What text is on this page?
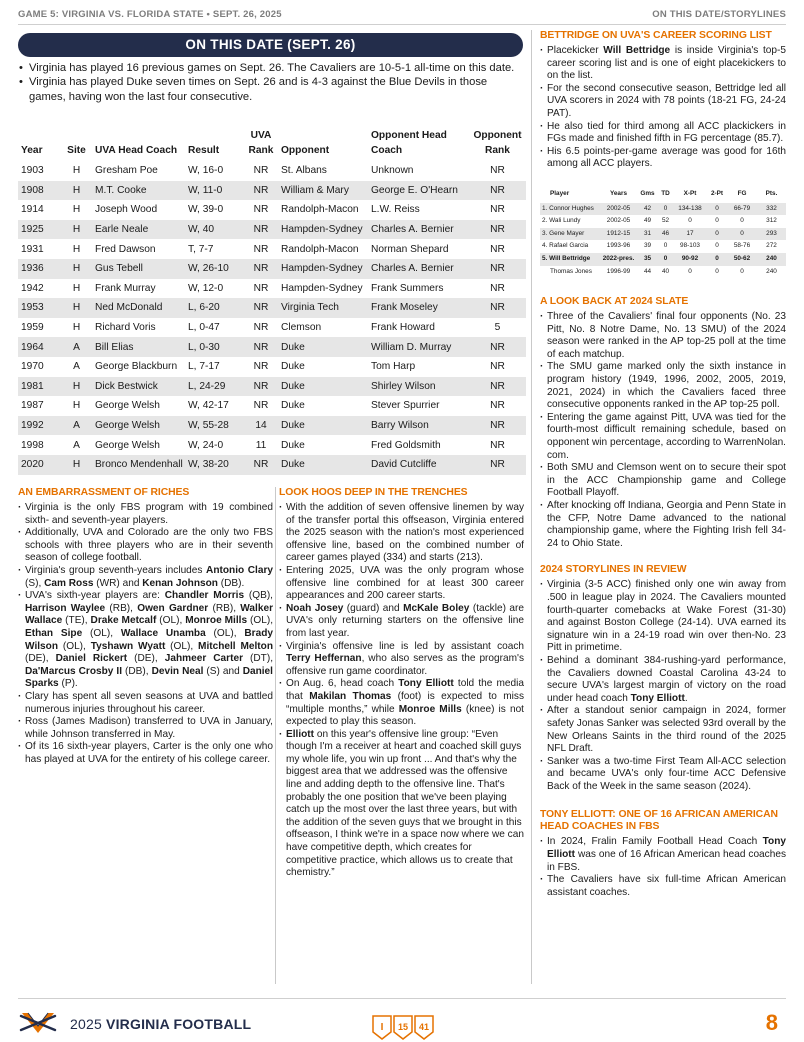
GAME 5: VIRGINIA VS. FLORIDA STATE • SEPT. 26, 2025	ON THIS DATE/STORYLINES
ON THIS DATE (SEPT. 26)
• Virginia has played 16 previous games on Sept. 26. The Cavaliers are 10-5-1 all-time on this date.
• Virginia has played Duke seven times on Sept. 26 and is 4-3 against the Blue Devils in those games, having won the last four consecutive.
Year	Site	UVA Head Coach	Result	UVA Rank	Opponent	Opponent Head Coach	Opponent Rank
1903	H	Gresham Poe	W, 16-0	NR	St. Albans	Unknown	NR
1908	H	M.T. Cooke	W, 11-0	NR	William & Mary	George E. O'Hearn	NR
1914	H	Joseph Wood	W, 39-0	NR	Randolph-Macon	L.W. Reiss	NR
1925	H	Earle Neale	W, 40	NR	Hampden-Sydney	Charles A. Bernier	NR
1931	H	Fred Dawson	T, 7-7	NR	Randolph-Macon	Norman Shepard	NR
1936	H	Gus Tebell	W, 26-10	NR	Hampden-Sydney	Charles A. Bernier	NR
1942	H	Frank Murray	W, 12-0	NR	Hampden-Sydney	Frank Summers	NR
1953	H	Ned McDonald	L, 6-20	NR	Virginia Tech	Frank Moseley	NR
1959	H	Richard Voris	L, 0-47	NR	Clemson	Frank Howard	5
1964	A	Bill Elias	L, 0-30	NR	Duke	William D. Murray	NR
1970	A	George Blackburn	L, 7-17	NR	Duke	Tom Harp	NR
1981	H	Dick Bestwick	L, 24-29	NR	Duke	Shirley Wilson	NR
1987	H	George Welsh	W, 42-17	NR	Duke	Stever Spurrier	NR
1992	A	George Welsh	W, 55-28	14	Duke	Barry Wilson	NR
1998	A	George Welsh	W, 24-0	11	Duke	Fred Goldsmith	NR
2020	H	Bronco Mendenhall	W, 38-20	NR	Duke	David Cutcliffe	NR
AN EMBARRASSMENT OF RICHES
· Virginia is the only FBS program with 19 combined sixth- and seventh-year players.
· Additionally, UVA and Colorado are the only two FBS schools with three players who are in their seventh season of college football.
· Virginia's group seventh-years includes Antonio Clary (S), Cam Ross (WR) and Kenan Johnson (DB).
· UVA's sixth-year players are: Chandler Morris (QB), Harrison Waylee (RB), Owen Gardner (RB), Walker Wallace (TE), Drake Metcalf (OL), Monroe Mills (OL), Ethan Sipe (OL), Wallace Unamba (OL), Brady Wilson (OL), Tyshawn Wyatt (OL), Mitchell Melton (DE), Daniel Rickert (DE), Jahmeer Carter (DT), Da'Marcus Crosby II (DB), Devin Neal (S) and Daniel Sparks (P).
· Clary has spent all seven seasons at UVA and battled numerous injuries throughout his career.
· Ross (James Madison) transferred to UVA in January, while Johnson transferred in May.
· Of its 16 sixth-year players, Carter is the only one who has played at UVA for the entirety of his college career.
LOOK HOOS DEEP IN THE TRENCHES
· With the addition of seven offensive linemen by way of the transfer portal this offseason, Virginia entered the 2025 season with the nation's most experienced offensive line, based on the combined number of career games played (334) and starts (213).
· Entering 2025, UVA was the only program whose offensive line combined for at least 300 career appearances and 200 career starts.
· Noah Josey (guard) and McKale Boley (tackle) are UVA's only returning starters on the offensive line from last year.
· Virginia's offensive line is led by assistant coach Terry Heffernan, who also serves as the program's offensive run game coordinator.
· On Aug. 6, head coach Tony Elliott told the media that Makilan Thomas (foot) is expected to miss “multiple months,” while Monroe Mills (knee) is not expected to play this season.
· Elliott on this year's offensive line group: “Even though I'm a receiver at heart and coached skill guys my whole life, you win up front ... And that's why the biggest area that we addressed was the offensive line and adding depth to the offensive line. That's probably the one position that we've been playing catch up the most over the last three years, but with the addition of the seven guys that we brought in this offseason, I think we're in a space now where we can have competitive depth, which creates for competitive practice, which allows us to create that chemistry.”
BETTRIDGE ON UVA'S CAREER SCORING LIST
· Placekicker Will Bettridge is inside Virginia's top-5 career scoring list and is one of eight placekickers to on the list.
· For the second consecutive season, Bettridge led all UVA scorers in 2024 with 78 points (18-21 FG, 24-24 PAT).
· He also tied for third among all ACC plackickers in FGs made and finished fifth in FG percentage (85.7).
· His 6.5 points-per-game average was good for 16th among all ACC players.
Player	Years	Gms	TD	X-Pt	2-Pt	FG	Pts.
1. Connor Hughes	2002-05	42	0	134-138	0	66-79	332
2. Wali Lundy	2002-05	49	52	0	0	0	312
3. Gene Mayer	1912-15	31	46	17	0	0	293
4. Rafael Garcia	1993-96	39	0	98-103	0	58-76	272
5. Will Bettridge	2022-pres.	35	0	90-92	0	50-62	240
Thomas Jones	1996-99	44	40	0	0	0	240
A LOOK BACK AT 2024 SLATE
· Three of the Cavaliers' final four opponents (No. 23 Pitt, No. 8 Notre Dame, No. 13 SMU) of the 2024 season were ranked in the AP top-25 poll at the time of each matchup.
· The SMU game marked only the sixth instance in program history (1949, 1996, 2002, 2005, 2019, 2021, 2024) in which the Cavaliers faced three consecutive opponents ranked in the AP top-25 poll.
· Entering the game against Pitt, UVA was tied for the fourth-most difficult remaining schedule, based on opponent win percentage, according to WarrenNolan. com.
· Both SMU and Clemson went on to secure their spot in the ACC Championship game and College Football Playoff.
· After knocking off Indiana, Georgia and Penn State in the CFP, Notre Dame advanced to the national championship game, where the Fighting Irish fell 34-24 to Ohio State.
2024 STORYLINES IN REVIEW
· Virginia (3-5 ACC) finished only one win away from .500 in league play in 2024. The Cavaliers mounted fourth-quarter comebacks at Wake Forest (31-30) and against Boston College (24-14). UVA earned its signature win in a 24-19 road win over then-No. 23 Pitt in primetime.
· Behind a dominant 384-rushing-yard performance, the Cavaliers downed Coastal Carolina 43-24 to secure UVA's largest margin of victory on the road under head coach Tony Elliott.
· After a standout senior campaign in 2024, former safety Jonas Sanker was selected 93rd overall by the New Orleans Saints in the third round of the 2025 NFL Draft.
· Sanker was a two-time First Team All-ACC selection and became UVA's only four-time ACC Defensive Back of the Week in the same season (2024).
TONY ELLIOTT: ONE OF 16 AFRICAN AMERICAN HEAD COACHES IN FBS
· In 2024, Fralin Family Football Head Coach Tony Elliott was one of 16 African American head coaches in FBS.
· The Cavaliers have six full-time African American assistant coaches.
2025 VIRGINIA FOOTBALL	I 15 41	8
